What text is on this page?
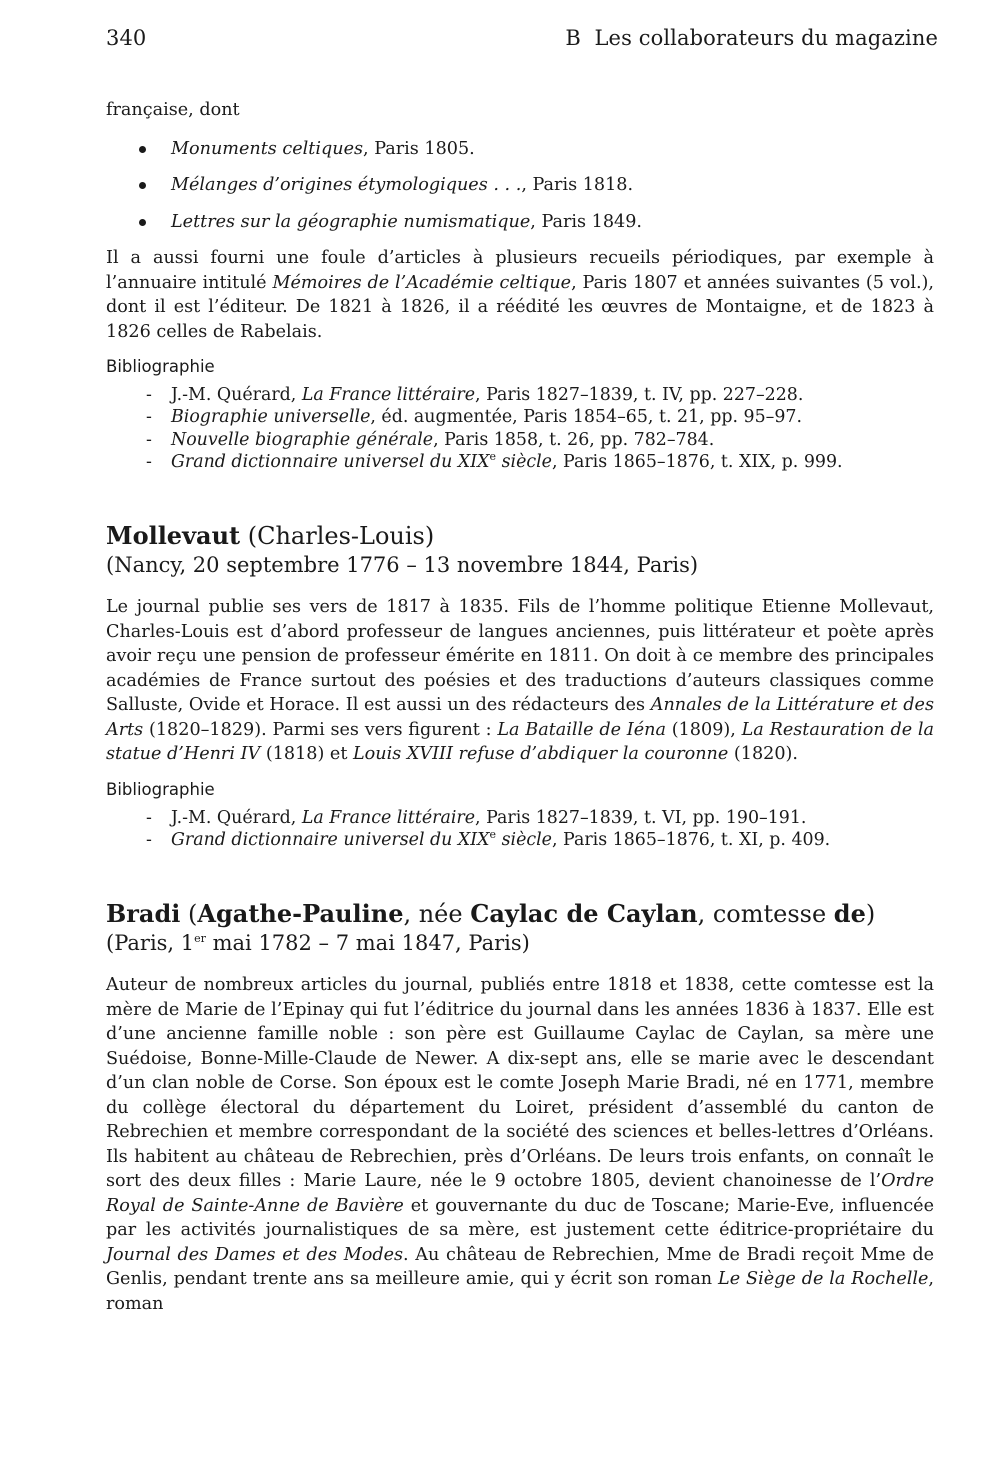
340	B  Les collaborateurs du magazine

française, dont

Monuments celtiques, Paris 1805.
Mélanges d’origines étymologiques . . ., Paris 1818.
Lettres sur la géographie numismatique, Paris 1849.

Il a aussi fourni une foule d’articles à plusieurs recueils périodiques, par exemple à l’annuaire intitulé Mémoires de l’Académie celtique, Paris 1807 et années suivantes (5 vol.), dont il est l’éditeur. De 1821 à 1826, il a réédité les œuvres de Montaigne, et de 1823 à 1826 celles de Rabelais.

Bibliographie
- J.-M. Quérard, La France littéraire, Paris 1827–1839, t. IV, pp. 227–228.
- Biographie universelle, éd. augmentée, Paris 1854–65, t. 21, pp. 95–97.
- Nouvelle biographie générale, Paris 1858, t. 26, pp. 782–784.
- Grand dictionnaire universel du XIXe siècle, Paris 1865–1876, t. XIX, p. 999.
Mollevaut (Charles-Louis)
(Nancy, 20 septembre 1776 – 13 novembre 1844, Paris)

Le journal publie ses vers de 1817 à 1835. Fils de l’homme politique Etienne Mollevaut, Charles-Louis est d’abord professeur de langues anciennes, puis littérateur et poète après avoir reçu une pension de professeur émérite en 1811. On doit à ce membre des principales académies de France surtout des poésies et des traductions d’auteurs classiques comme Salluste, Ovide et Horace. Il est aussi un des rédacteurs des Annales de la Littérature et des Arts (1820–1829). Parmi ses vers figurent : La Bataille de Iéna (1809), La Restauration de la statue d’Henri IV (1818) et Louis XVIII refuse d’abdiquer la couronne (1820).

Bibliographie
- J.-M. Quérard, La France littéraire, Paris 1827–1839, t. VI, pp. 190–191.
- Grand dictionnaire universel du XIXe siècle, Paris 1865–1876, t. XI, p. 409.
Bradi (Agathe-Pauline, née Caylac de Caylan, comtesse de)
(Paris, 1er mai 1782 – 7 mai 1847, Paris)

Auteur de nombreux articles du journal, publiés entre 1818 et 1838, cette comtesse est la mère de Marie de l’Epinay qui fut l’éditrice du journal dans les années 1836 à 1837. Elle est d’une ancienne famille noble : son père est Guillaume Caylac de Caylan, sa mère une Suédoise, Bonne-Mille-Claude de Newer. A dix-sept ans, elle se marie avec le descendant d’un clan noble de Corse. Son époux est le comte Joseph Marie Bradi, né en 1771, membre du collège électoral du département du Loiret, président d’assemblé du canton de Rebrechien et membre correspondant de la société des sciences et belles-lettres d’Orléans. Ils habitent au château de Rebrechien, près d’Orléans. De leurs trois enfants, on connaît le sort des deux filles : Marie Laure, née le 9 octobre 1805, devient chanoinesse de l’Ordre Royal de Sainte-Anne de Bavière et gouvernante du duc de Toscane; Marie-Eve, influencée par les activités journalistiques de sa mère, est justement cette éditrice-propriétaire du Journal des Dames et des Modes. Au château de Rebrechien, Mme de Bradi reçoit Mme de Genlis, pendant trente ans sa meilleure amie, qui y écrit son roman Le Siège de la Rochelle, roman
